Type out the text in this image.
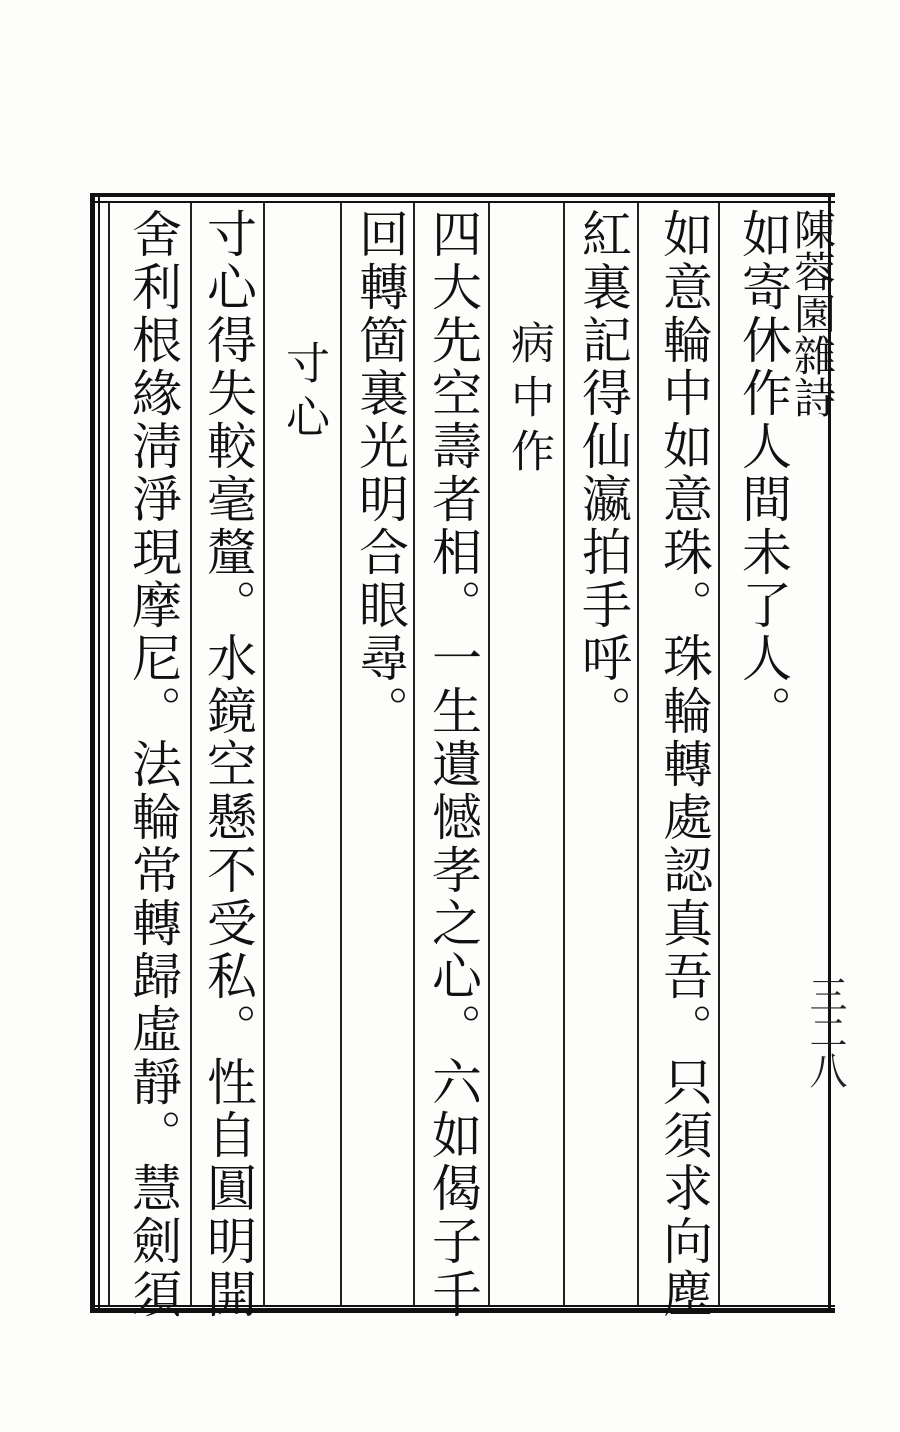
陳蓉園雜詩
三二八
如寄休作人間未了人。
如意輪中如意珠。珠輪轉處認真吾。只須求向塵
紅裏記得仙瀛拍手呼。
病中作
四大先空壽者相。一生遺憾孝之心。六如偈子千
回轉箇裏光明合眼尋。
寸心
寸心得失較毫釐。水鏡空懸不受私。性自圓明開
舍利根緣淸淨現摩尼。法輪常轉歸虛靜。慧劍須
